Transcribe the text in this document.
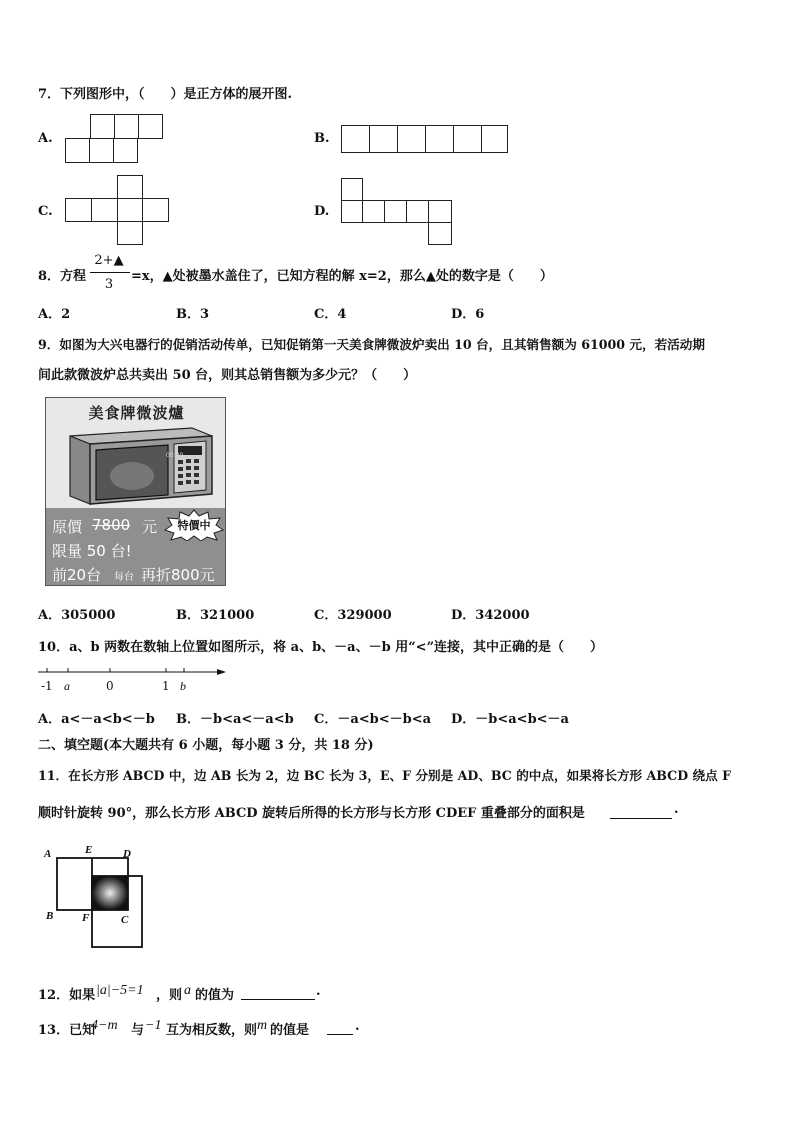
7．下列图形中，（　　）是正方体的展开图.
A.	B.
C.	D.
8．方程
2+▲
3
=x，▲处被墨水盖住了，已知方程的解 x=2，那么▲处的数字是（　　）
A．2	B．3	C．4	D．6
9．如图为大兴电器行的促销活动传单，已知促销第一天美食牌微波炉卖出 10 台，且其销售额为 61000 元，若活动期
间此款微波炉总共卖出 50 台，则其总销售额为多少元？（　　）
美食牌微波爐
00:00
原價 7800 元	特價中
限量 50 台!
前20台 每台 再折800元
A．305000	B．321000	C．329000	D．342000
10．a、b 两数在数轴上位置如图所示，将 a、b、－a、－b 用“<”连接，其中正确的是（　　）
-1 a	0	1 b
A．a<－a<b<－b B．－b<a<－a<b C．－a<b<－b<a D．－b<a<b<－a
二、填空题(本大题共有 6 小题，每小题 3 分，共 18 分)
11．在长方形 ABCD 中，边 AB 长为 2，边 BC 长为 3，E、F 分别是 AD、BC 的中点，如果将长方形 ABCD 绕点 F
顺时针旋转 90°，那么长方形 ABCD 旋转后所得的长方形与长方形 CDEF 重叠部分的面积是	.
A	E	D
B	F	C
12．如果 |a|−5=1 ，则 a 的值为	.
13．已知
4−m 与 −1 互为相反数，则 m 的值是	.
